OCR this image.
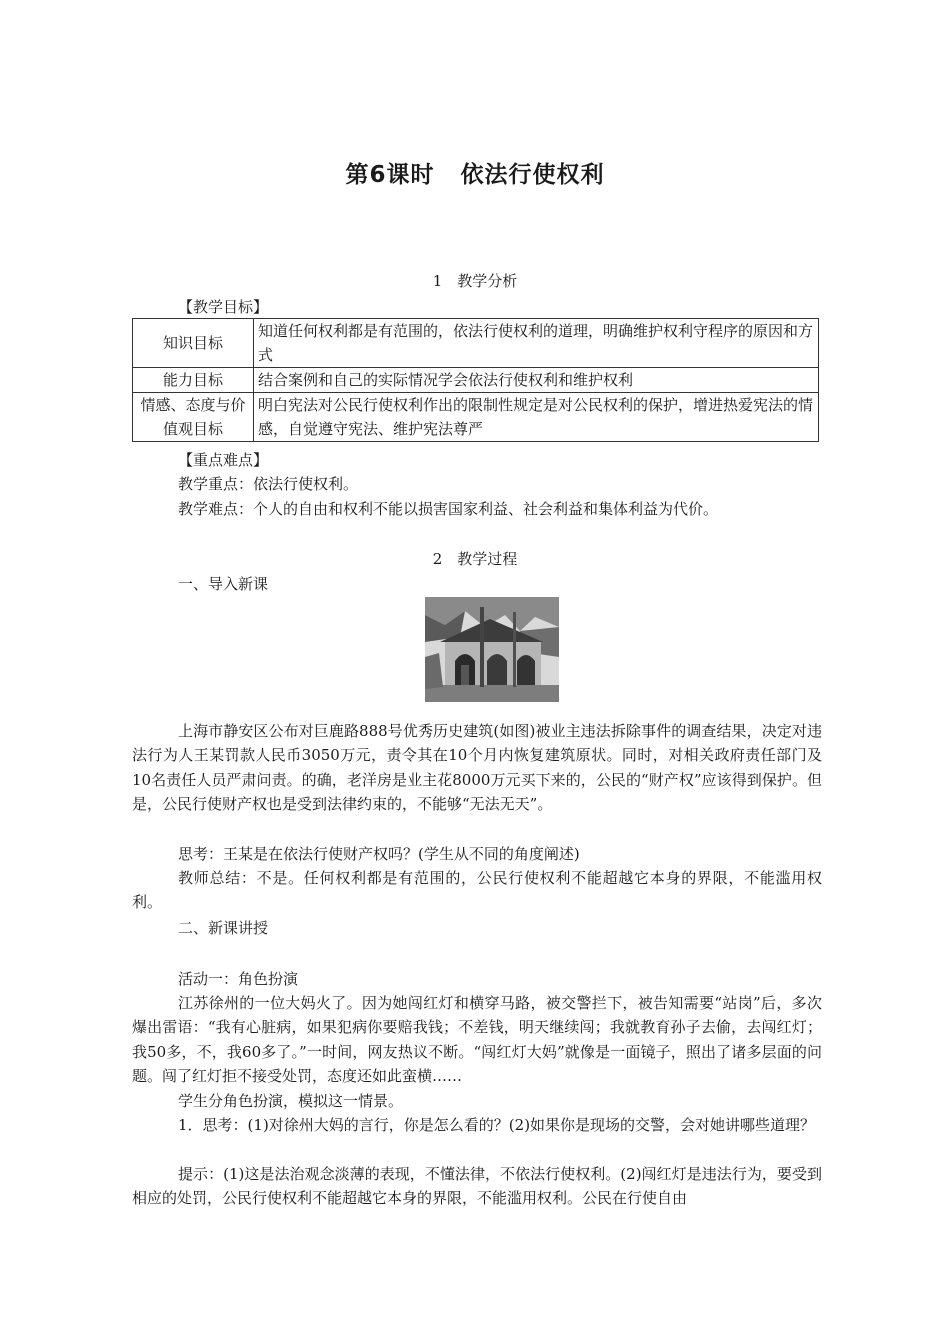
第6课时 依法行使权利
1　教学分析
【教学目标】
知识目标	知道任何权利都是有范围的，依法行使权利的道理，明确维护权利守程序的原因和方式
能力目标	结合案例和自己的实际情况学会依法行使权利和维护权利
情感、态度与价值观目标	明白宪法对公民行使权利作出的限制性规定是对公民权利的保护，增进热爱宪法的情感，自觉遵守宪法、维护宪法尊严
【重点难点】
教学重点：依法行使权利。
教学难点：个人的自由和权利不能以损害国家利益、社会利益和集体利益为代价。
2　教学过程
一、导入新课

上海市静安区公布对巨鹿路888号优秀历史建筑(如图)被业主违法拆除事件的调查结果，决定对违法行为人王某罚款人民币3050万元，责令其在10个月内恢复建筑原状。同时，对相关政府责任部门及10名责任人员严肃问责。的确，老洋房是业主花8000万元买下来的，公民的“财产权”应该得到保护。但是，公民行使财产权也是受到法律约束的，不能够“无法无天”。

思考：王某是在依法行使财产权吗？(学生从不同的角度阐述)

教师总结：不是。任何权利都是有范围的，公民行使权利不能超越它本身的界限，不能滥用权利。

二、新课讲授
活动一：角色扮演

江苏徐州的一位大妈火了。因为她闯红灯和横穿马路，被交警拦下，被告知需要“站岗”后，多次爆出雷语：“我有心脏病，如果犯病你要赔我钱；不差钱，明天继续闯；我就教育孙子去偷，去闯红灯；我50多，不，我60多了。”一时间，网友热议不断。“闯红灯大妈”就像是一面镜子，照出了诸多层面的问题。闯了红灯拒不接受处罚，态度还如此蛮横……

学生分角色扮演，模拟这一情景。

1．思考：(1)对徐州大妈的言行，你是怎么看的？(2)如果你是现场的交警，会对她讲哪些道理？

提示：(1)这是法治观念淡薄的表现，不懂法律，不依法行使权利。(2)闯红灯是违法行为，要受到相应的处罚，公民行使权利不能超越它本身的界限，不能滥用权利。公民在行使自由
